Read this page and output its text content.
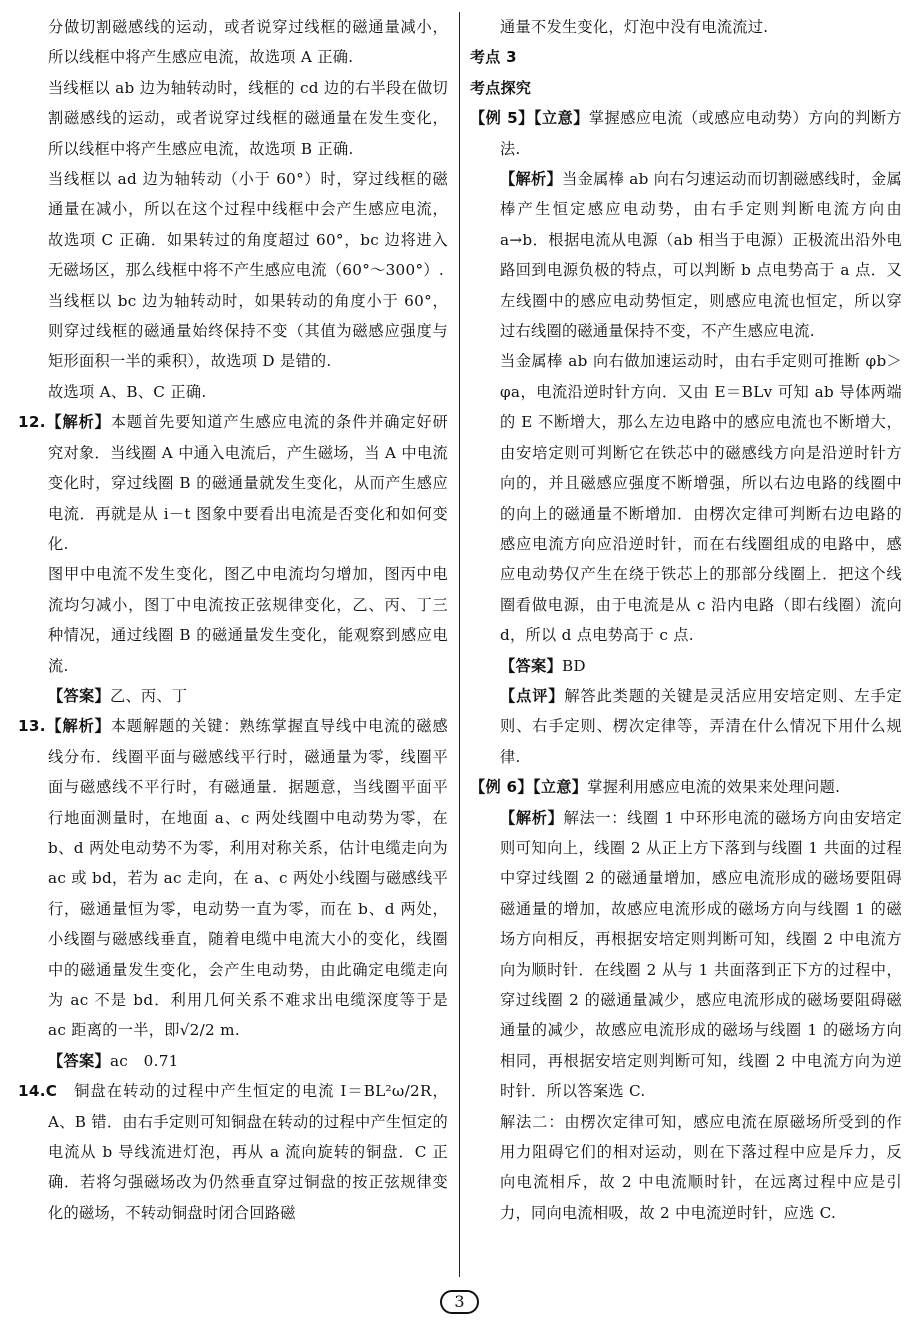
分做切割磁感线的运动，或者说穿过线框的磁通量减小，所以线框中将产生感应电流，故选项 A 正确.

当线框以 ab 边为轴转动时，线框的 cd 边的右半段在做切割磁感线的运动，或者说穿过线框的磁通量在发生变化，所以线框中将产生感应电流，故选项 B 正确.

当线框以 ad 边为轴转动（小于 60°）时，穿过线框的磁通量在减小，所以在这个过程中线框中会产生感应电流，故选项 C 正确．如果转过的角度超过 60°，bc 边将进入无磁场区，那么线框中将不产生感应电流（60°～300°）.

当线框以 bc 边为轴转动时，如果转动的角度小于 60°，则穿过线框的磁通量始终保持不变（其值为磁感应强度与矩形面积一半的乘积），故选项 D 是错的.

故选项 A、B、C 正确.

12.【解析】本题首先要知道产生感应电流的条件并确定好研究对象．当线圈 A 中通入电流后，产生磁场，当 A 中电流变化时，穿过线圈 B 的磁通量就发生变化，从而产生感应电流．再就是从 i－t 图象中要看出电流是否变化和如何变化.

图甲中电流不发生变化，图乙中电流均匀增加，图丙中电流均匀减小，图丁中电流按正弦规律变化，乙、丙、丁三种情况，通过线圈 B 的磁通量发生变化，能观察到感应电流.

【答案】乙、丙、丁

13.【解析】本题解题的关键：熟练掌握直导线中电流的磁感线分布．线圈平面与磁感线平行时，磁通量为零，线圈平面与磁感线不平行时，有磁通量．据题意，当线圈平面平行地面测量时，在地面 a、c 两处线圈中电动势为零，在 b、d 两处电动势不为零，利用对称关系，估计电缆走向为 ac 或 bd，若为 ac 走向，在 a、c 两处小线圈与磁感线平行，磁通量恒为零，电动势一直为零，而在 b、d 两处，小线圈与磁感线垂直，随着电缆中电流大小的变化，线圈中的磁通量发生变化，会产生电动势，由此确定电缆走向为 ac 不是 bd．利用几何关系不难求出电缆深度等于是 ac 距离的一半，即√2/2 m.

【答案】ac　0.71

14.C　铜盘在转动的过程中产生恒定的电流 I＝BL²ω/2R，A、B 错．由右手定则可知铜盘在转动的过程中产生恒定的电流从 b 导线流进灯泡，再从 a 流向旋转的铜盘．C 正确．若将匀强磁场改为仍然垂直穿过铜盘的按正弦规律变化的磁场，不转动铜盘时闭合回路磁

通量不发生变化，灯泡中没有电流流过.

考点 3

考点探究

【例 5】【立意】掌握感应电流（或感应电动势）方向的判断方法.

【解析】当金属棒 ab 向右匀速运动而切割磁感线时，金属棒产生恒定感应电动势，由右手定则判断电流方向由 a→b．根据电流从电源（ab 相当于电源）正极流出沿外电路回到电源负极的特点，可以判断 b 点电势高于 a 点．又左线圈中的感应电动势恒定，则感应电流也恒定，所以穿过右线圈的磁通量保持不变，不产生感应电流.

当金属棒 ab 向右做加速运动时，由右手定则可推断 φb＞φa，电流沿逆时针方向．又由 E＝BLv 可知 ab 导体两端的 E 不断增大，那么左边电路中的感应电流也不断增大，由安培定则可判断它在铁芯中的磁感线方向是沿逆时针方向的，并且磁感应强度不断增强，所以右边电路的线圈中的向上的磁通量不断增加．由楞次定律可判断右边电路的感应电流方向应沿逆时针，而在右线圈组成的电路中，感应电动势仅产生在绕于铁芯上的那部分线圈上．把这个线圈看做电源，由于电流是从 c 沿内电路（即右线圈）流向 d，所以 d 点电势高于 c 点.

【答案】BD

【点评】解答此类题的关键是灵活应用安培定则、左手定则、右手定则、楞次定律等，弄清在什么情况下用什么规律.

【例 6】【立意】掌握利用感应电流的效果来处理问题.

【解析】解法一：线圈 1 中环形电流的磁场方向由安培定则可知向上，线圈 2 从正上方下落到与线圈 1 共面的过程中穿过线圈 2 的磁通量增加，感应电流形成的磁场要阻碍磁通量的增加，故感应电流形成的磁场方向与线圈 1 的磁场方向相反，再根据安培定则判断可知，线圈 2 中电流方向为顺时针．在线圈 2 从与 1 共面落到正下方的过程中，穿过线圈 2 的磁通量减少，感应电流形成的磁场要阻碍磁通量的减少，故感应电流形成的磁场与线圈 1 的磁场方向相同，再根据安培定则判断可知，线圈 2 中电流方向为逆时针．所以答案选 C.

解法二：由楞次定律可知，感应电流在原磁场所受到的作用力阻碍它们的相对运动，则在下落过程中应是斥力，反向电流相斥，故 2 中电流顺时针，在远离过程中应是引力，同向电流相吸，故 2 中电流逆时针，应选 C.

3
